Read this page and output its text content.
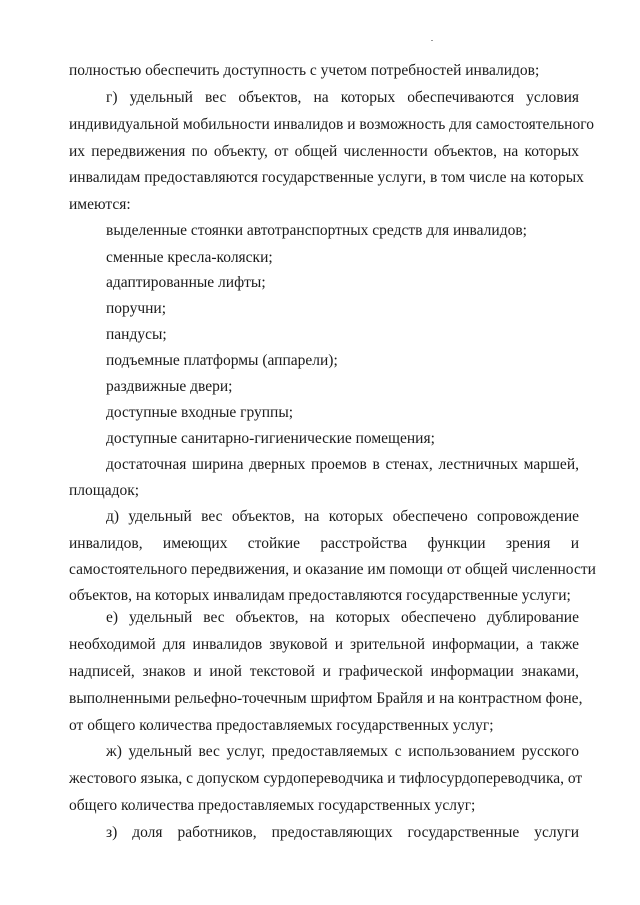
полностью обеспечить доступность с учетом потребностей инвалидов;
г) удельный вес объектов, на которых обеспечиваются условия
индивидуальной мобильности инвалидов и возможность для самостоятельного
их передвижения по объекту, от общей численности объектов, на которых
инвалидам предоставляются государственные услуги, в том числе на которых
имеются:
выделенные стоянки автотранспортных средств для инвалидов;
сменные кресла-коляски;
адаптированные лифты;
поручни;
пандусы;
подъемные платформы (аппарели);
раздвижные двери;
доступные входные группы;
доступные санитарно-гигиенические помещения;
достаточная ширина дверных проемов в стенах, лестничных маршей,
площадок;
д) удельный вес объектов, на которых обеспечено сопровождение
инвалидов, имеющих стойкие расстройства функции зрения и
самостоятельного передвижения, и оказание им помощи от общей численности
объектов, на которых инвалидам предоставляются государственные услуги;
е) удельный вес объектов, на которых обеспечено дублирование
необходимой для инвалидов звуковой и зрительной информации, а также
надписей, знаков и иной текстовой и графической информации знаками,
выполненными рельефно-точечным шрифтом Брайля и на контрастном фоне,
от общего количества предоставляемых государственных услуг;
ж) удельный вес услуг, предоставляемых с использованием русского
жестового языка, с допуском сурдопереводчика и тифлосурдопереводчика, от
общего количества предоставляемых государственных услуг;
з) доля работников, предоставляющих государственные услуги
